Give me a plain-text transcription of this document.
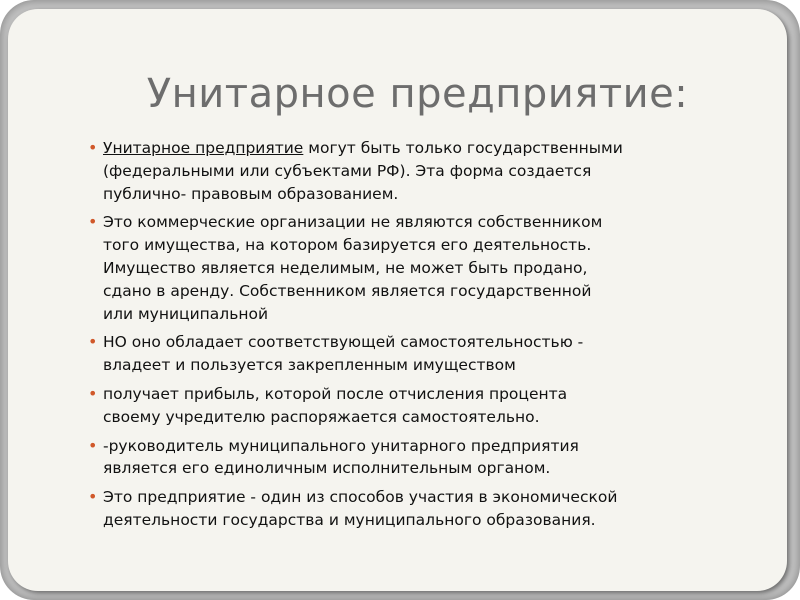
Унитарное предприятие:
• Унитарное предприятие могут быть только государственными
(федеральными или субъектами РФ). Эта форма создается
публично- правовым образованием.
• Это коммерческие организации не являются собственником
того имущества, на котором базируется его деятельность.
Имущество является неделимым, не может быть продано,
сдано в аренду. Собственником является государственной
или муниципальной
• НО оно обладает соответствующей самостоятельностью -
владеет и пользуется закрепленным имуществом
• получает прибыль, которой после отчисления процента
своему учредителю распоряжается самостоятельно.
• -руководитель муниципального унитарного предприятия
является его единоличным исполнительным органом.
• Это предприятие - один из способов участия в экономической
деятельности государства и муниципального образования.
